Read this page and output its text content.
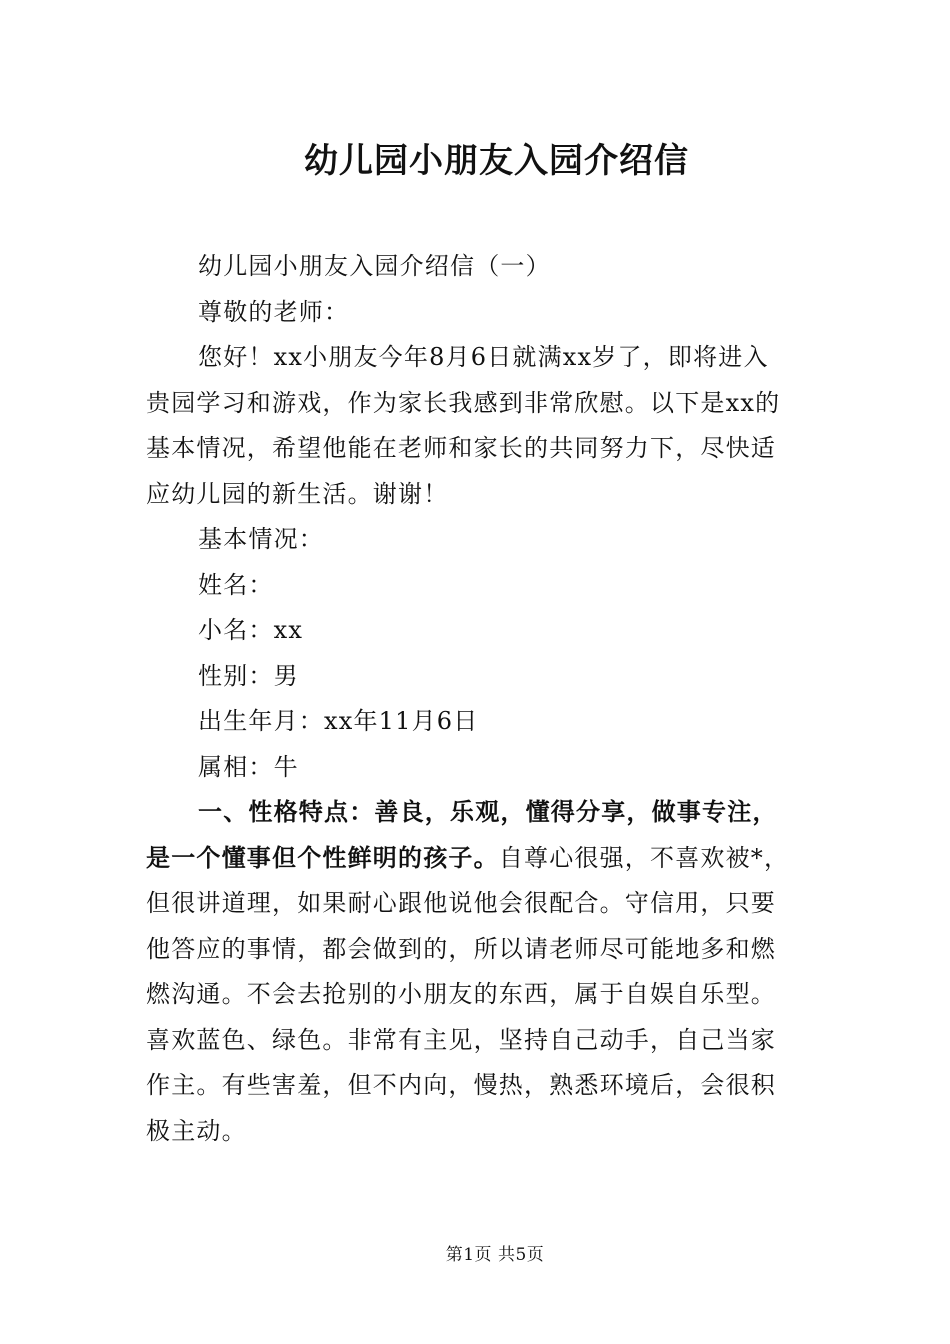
幼儿园小朋友入园介绍信
幼儿园小朋友入园介绍信（一）
尊敬的老师：
您好！xx小朋友今年8月6日就满xx岁了，即将进入
贵园学习和游戏，作为家长我感到非常欣慰。以下是xx的
基本情况，希望他能在老师和家长的共同努力下，尽快适
应幼儿园的新生活。谢谢！
基本情况：
姓名：
小名：xx
性别：男
出生年月：xx年11月6日
属相：牛
一、性格特点：善良，乐观，懂得分享，做事专注，
是一个懂事但个性鲜明的孩子。自尊心很强，不喜欢被*，
但很讲道理，如果耐心跟他说他会很配合。守信用，只要
他答应的事情，都会做到的，所以请老师尽可能地多和燃
燃沟通。不会去抢别的小朋友的东西，属于自娱自乐型。
喜欢蓝色、绿色。非常有主见，坚持自己动手，自己当家
作主。有些害羞，但不内向，慢热，熟悉环境后，会很积
极主动。
第1页 共5页
